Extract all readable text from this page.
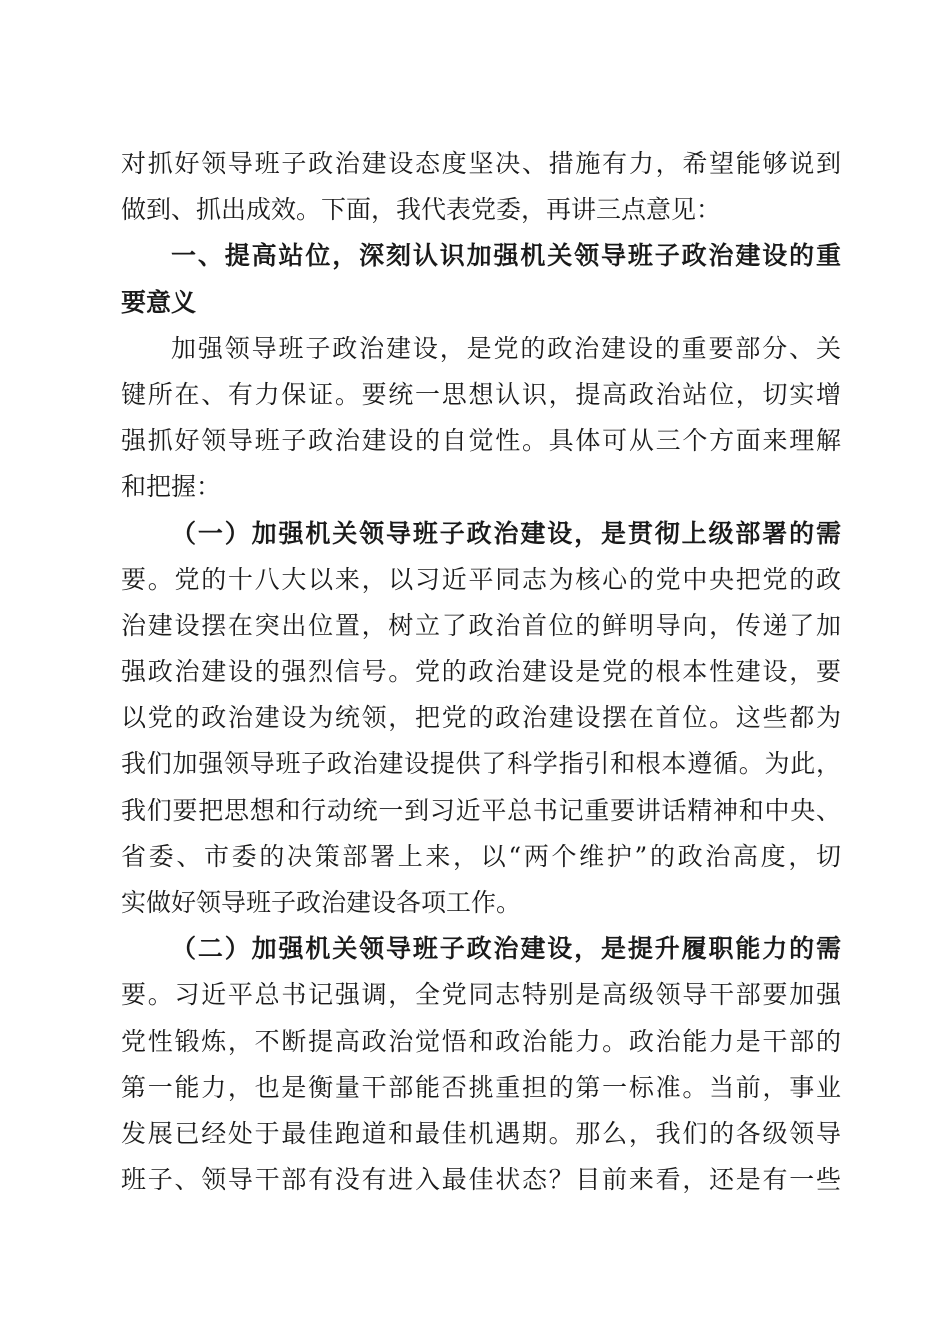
对抓好领导班子政治建设态度坚决、措施有力，希望能够说到
做到、抓出成效。下面，我代表党委，再讲三点意见：
一、提高站位，深刻认识加强机关领导班子政治建设的重
要意义
加强领导班子政治建设，是党的政治建设的重要部分、关
键所在、有力保证。要统一思想认识，提高政治站位，切实增
强抓好领导班子政治建设的自觉性。具体可从三个方面来理解
和把握：
（一）加强机关领导班子政治建设，是贯彻上级部署的需
要。党的十八大以来，以习近平同志为核心的党中央把党的政
治建设摆在突出位置，树立了政治首位的鲜明导向，传递了加
强政治建设的强烈信号。党的政治建设是党的根本性建设，要
以党的政治建设为统领，把党的政治建设摆在首位。这些都为
我们加强领导班子政治建设提供了科学指引和根本遵循。为此，
我们要把思想和行动统一到习近平总书记重要讲话精神和中央、
省委、市委的决策部署上来，以“两个维护”的政治高度，切
实做好领导班子政治建设各项工作。
（二）加强机关领导班子政治建设，是提升履职能力的需
要。习近平总书记强调，全党同志特别是高级领导干部要加强
党性锻炼，不断提高政治觉悟和政治能力。政治能力是干部的
第一能力，也是衡量干部能否挑重担的第一标准。当前，事业
发展已经处于最佳跑道和最佳机遇期。那么，我们的各级领导
班子、领导干部有没有进入最佳状态？目前来看，还是有一些
